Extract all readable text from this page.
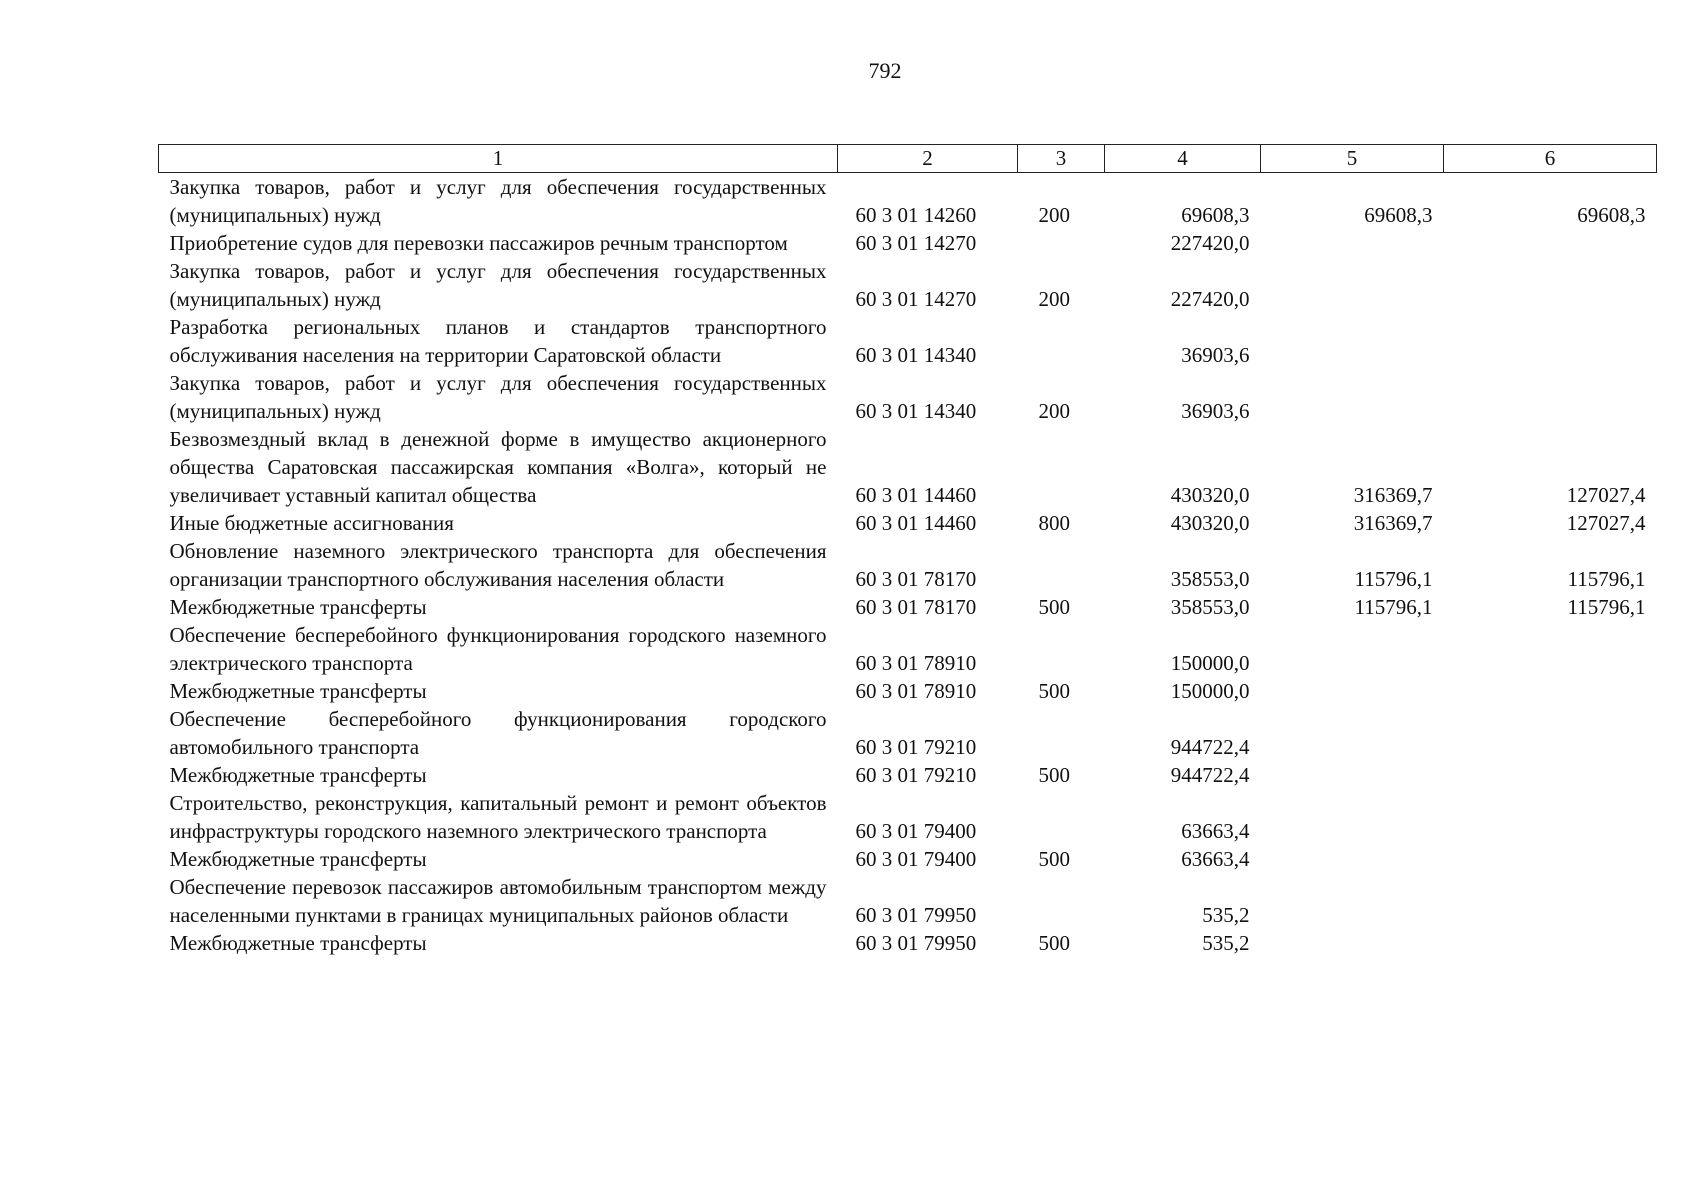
792
1	2	3	4	5	6
Закупка товаров, работ и услуг для обеспечения государственных (муниципальных) нужд	60 3 01 14260	200	69608,3	69608,3	69608,3
Приобретение судов для перевозки пассажиров речным транспортом	60 3 01 14270		227420,0		
Закупка товаров, работ и услуг для обеспечения государственных (муниципальных) нужд	60 3 01 14270	200	227420,0		
Разработка региональных планов и стандартов транспортного обслуживания населения на территории Саратовской области	60 3 01 14340		36903,6		
Закупка товаров, работ и услуг для обеспечения государственных (муниципальных) нужд	60 3 01 14340	200	36903,6		
Безвозмездный вклад в денежной форме в имущество акционерного общества Саратовская пассажирская компания «Волга», который не увеличивает уставный капитал общества	60 3 01 14460		430320,0	316369,7	127027,4
Иные бюджетные ассигнования	60 3 01 14460	800	430320,0	316369,7	127027,4
Обновление наземного электрического транспорта для обеспечения организации транспортного обслуживания населения области	60 3 01 78170		358553,0	115796,1	115796,1
Межбюджетные трансферты	60 3 01 78170	500	358553,0	115796,1	115796,1
Обеспечение бесперебойного функционирования городского наземного электрического транспорта	60 3 01 78910		150000,0		
Межбюджетные трансферты	60 3 01 78910	500	150000,0		
Обеспечение бесперебойного функционирования городского автомобильного транспорта	60 3 01 79210		944722,4		
Межбюджетные трансферты	60 3 01 79210	500	944722,4		
Строительство, реконструкция, капитальный ремонт и ремонт объектов инфраструктуры городского наземного электрического транспорта	60 3 01 79400		63663,4		
Межбюджетные трансферты	60 3 01 79400	500	63663,4		
Обеспечение перевозок пассажиров автомобильным транспортом между населенными пунктами в границах муниципальных районов области	60 3 01 79950		535,2		
Межбюджетные трансферты	60 3 01 79950	500	535,2		
